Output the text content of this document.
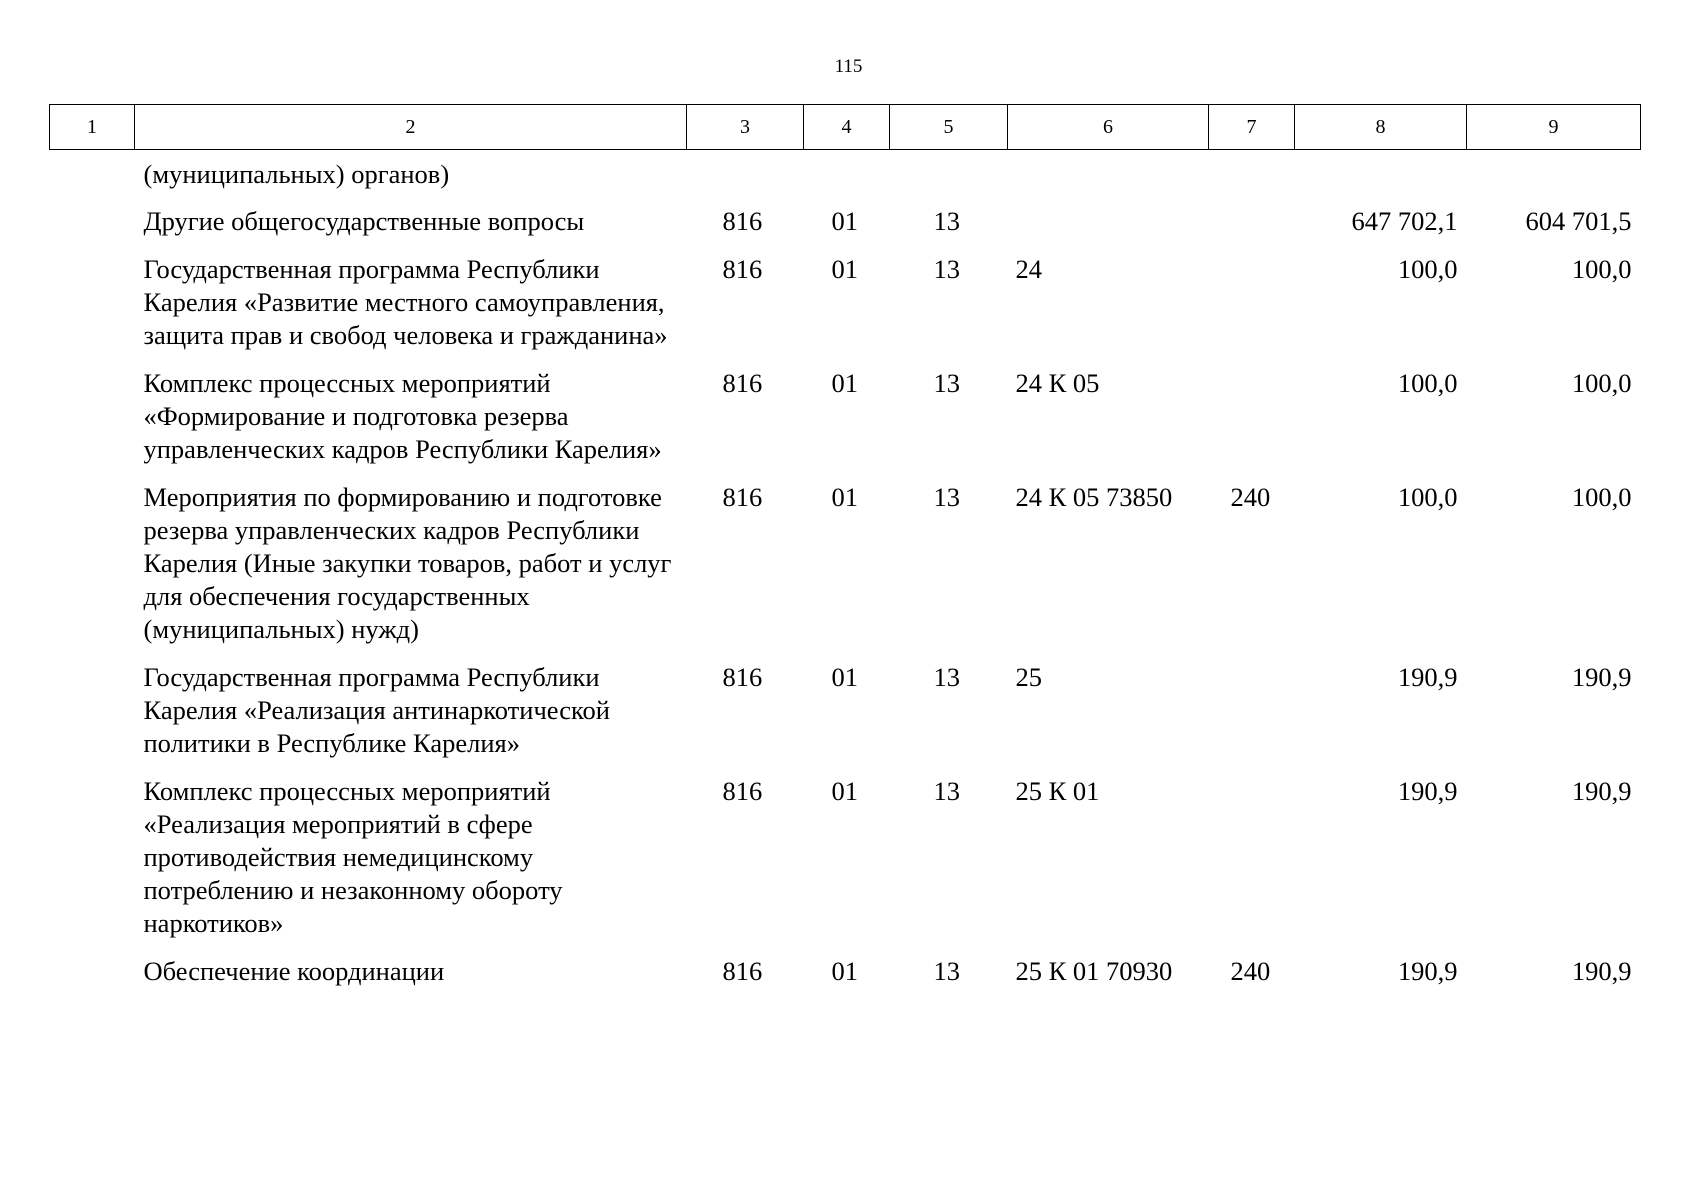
115
1	2	3	4	5	6	7	8	9
	(муниципальных) органов)							
	Другие общегосударственные вопросы	816	01	13			647 702,1	604 701,5
	Государственная программа Республики Карелия «Развитие местного самоуправления, защита прав и свобод человека и гражданина»	816	01	13	24		100,0	100,0
	Комплекс процессных мероприятий «Формирование и подготовка резерва управленческих кадров Республики Карелия»	816	01	13	24 К 05		100,0	100,0
	Мероприятия по формированию и подготовке резерва управленческих кадров Республики Карелия (Иные закупки товаров, работ и услуг для обеспечения государственных (муниципальных) нужд)	816	01	13	24 К 05 73850	240	100,0	100,0
	Государственная программа Республики Карелия «Реализация антинаркотической политики в Республике Карелия»	816	01	13	25		190,9	190,9
	Комплекс процессных мероприятий «Реализация мероприятий в сфере противодействия немедицинскому потреблению и незаконному обороту наркотиков»	816	01	13	25 К 01		190,9	190,9
	Обеспечение координации	816	01	13	25 К 01 70930	240	190,9	190,9
